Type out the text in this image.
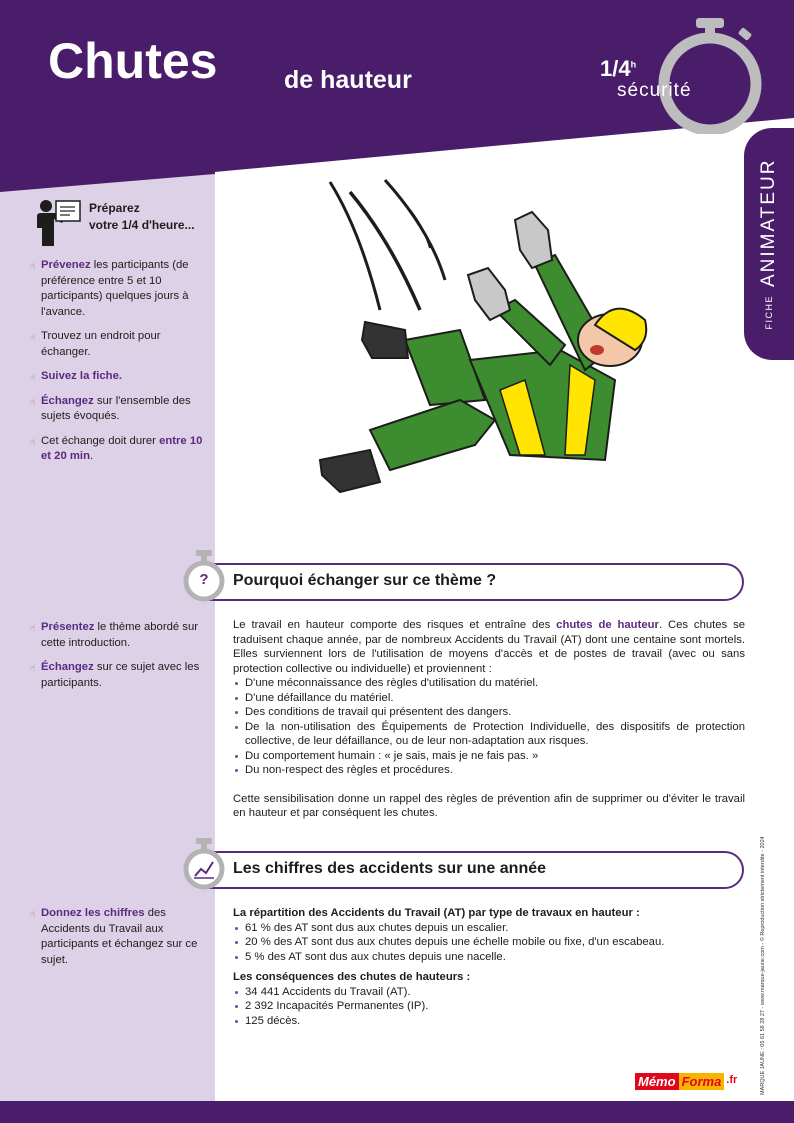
Chutes	de hauteur	1/4$^h$
sécurité
Préparez
votre 1/4 d'heure...
☝ Prévenez les participants (de préférence entre 5 et 10 participants) quelques jours à l'avance.
☝ Trouvez un endroit pour échanger.
☝ Suivez la fiche.
☝ Échangez sur l'ensemble des sujets évoqués.
☝ Cet échange doit durer entre 10 et 20 min.
FICHE
ANIMATEUR
? Pourquoi échanger sur ce thème ?
☝ Présentez le thème abordé sur cette introduction.
☝ Échangez sur ce sujet avec les participants.

Le travail en hauteur comporte des risques et entraîne des chutes de hauteur. Ces chutes se traduisent chaque année, par de nombreux Accidents du Travail (AT) dont une centaine sont mortels. Elles surviennent lors de l'utilisation de moyens d'accès et de postes de travail (avec ou sans protection collective ou individuelle) et proviennent :

D'une méconnaissance des règles d'utilisation du matériel.
D'une défaillance du matériel.
Des conditions de travail qui présentent des dangers.
De la non-utilisation des Équipements de Protection Individuelle, des dispositifs de protection collective, de leur défaillance, ou de leur non-adaptation aux risques.
Du comportement humain : « je sais, mais je ne fais pas. »
Du non-respect des règles et procédures.

Cette sensibilisation donne un rappel des règles de prévention afin de supprimer ou d'éviter le travail en hauteur et par conséquent les chutes.

Les chiffres des accidents sur une année
☝ Donnez les chiffres des Accidents du Travail aux participants et échangez sur ce sujet.

La répartition des Accidents du Travail (AT) par type de travaux en hauteur :

61 % des AT sont dus aux chutes depuis un escalier.
20 % des AT sont dus aux chutes depuis une échelle mobile ou fixe, d'un escabeau.
5 % des AT sont dus aux chutes depuis une nacelle.

Les conséquences des chutes de hauteurs :

34 441 Accidents du Travail (AT).
2 392 Incapacités Permanentes (IP).
125 décès.	MARQUE JAUNE : 05 61 58 28 27 - www.marque-jaune.com - © Reproduction strictement interdite - 2024
Mémo Forma .fr
